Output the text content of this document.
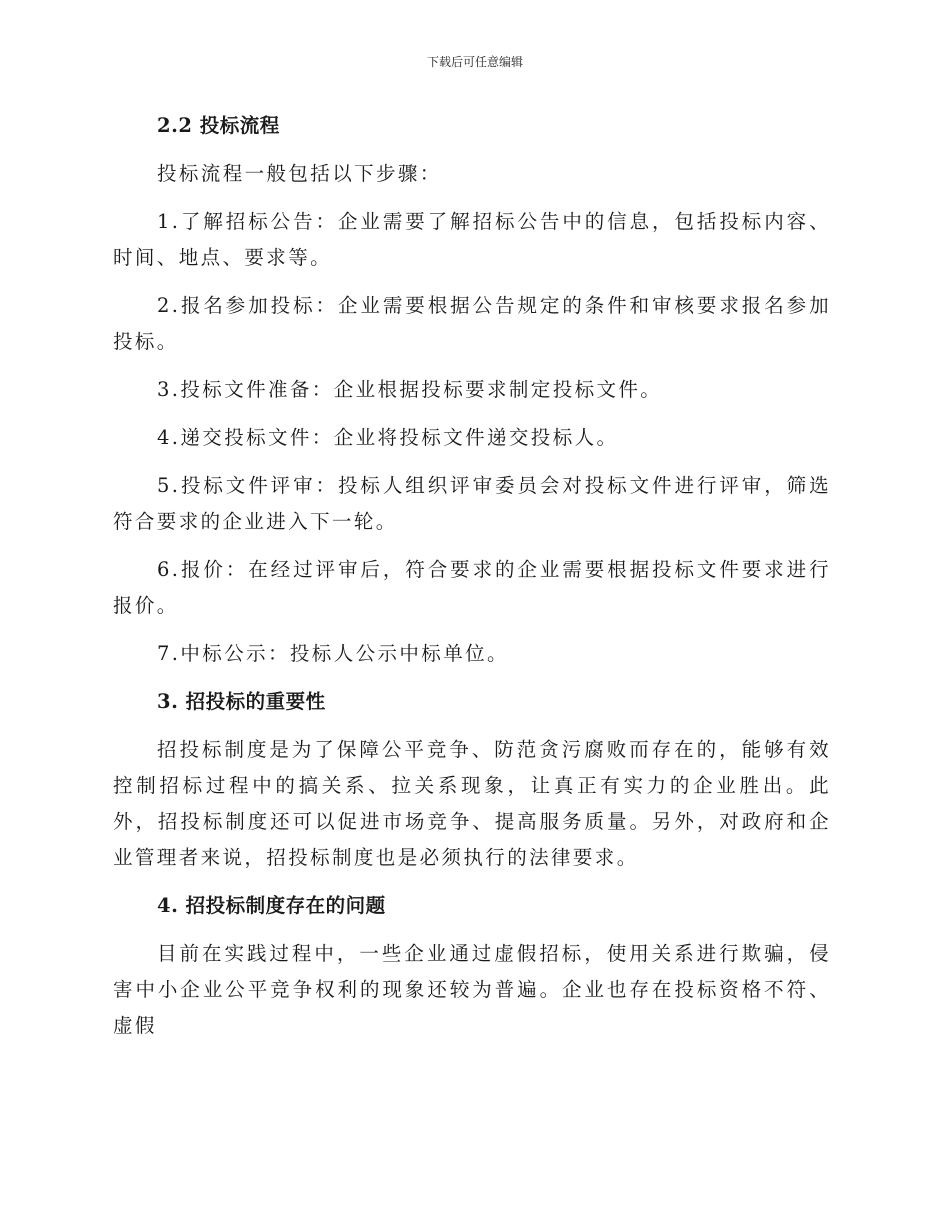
下载后可任意编辑
2.2 投标流程
投标流程一般包括以下步骤：
1.了解招标公告：企业需要了解招标公告中的信息，包括投标内容、时间、地点、要求等。
2.报名参加投标：企业需要根据公告规定的条件和审核要求报名参加投标。
3.投标文件准备：企业根据投标要求制定投标文件。
4.递交投标文件：企业将投标文件递交投标人。
5.投标文件评审：投标人组织评审委员会对投标文件进行评审，筛选符合要求的企业进入下一轮。
6.报价：在经过评审后，符合要求的企业需要根据投标文件要求进行报价。
7.中标公示：投标人公示中标单位。
3. 招投标的重要性
招投标制度是为了保障公平竞争、防范贪污腐败而存在的，能够有效控制招标过程中的搞关系、拉关系现象，让真正有实力的企业胜出。此外，招投标制度还可以促进市场竞争、提高服务质量。另外，对政府和企业管理者来说，招投标制度也是必须执行的法律要求。
4. 招投标制度存在的问题
目前在实践过程中，一些企业通过虚假招标，使用关系进行欺骗，侵害中小企业公平竞争权利的现象还较为普遍。企业也存在投标资格不符、虚假
